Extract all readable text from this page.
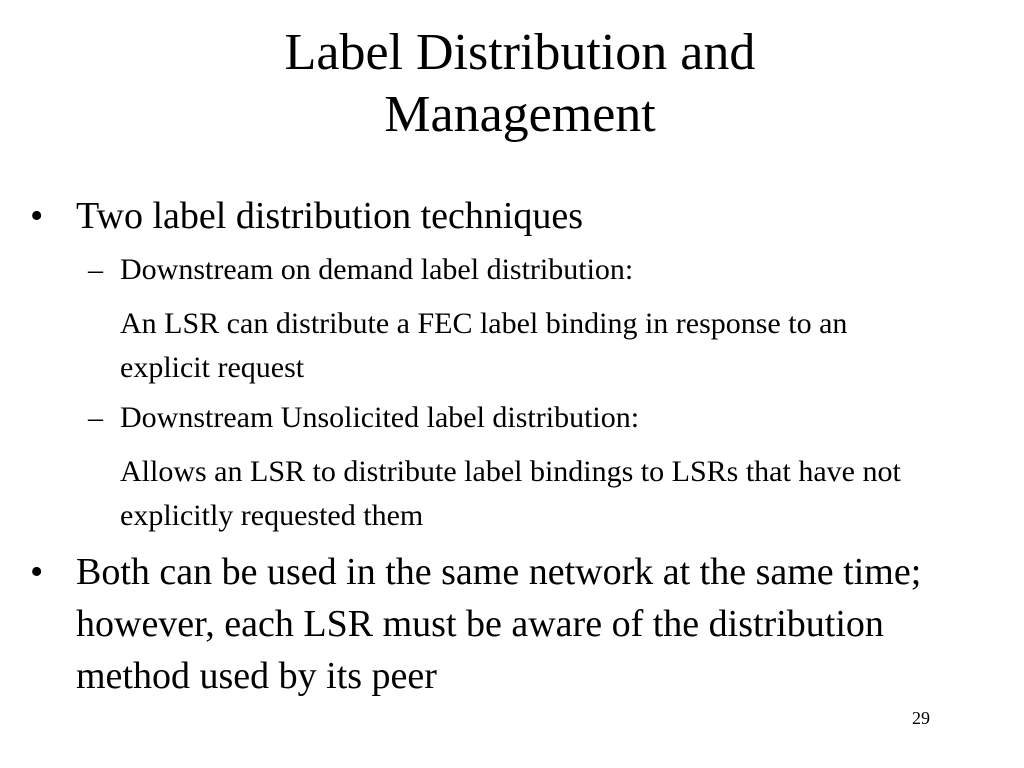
Label Distribution and
Management
• Two label distribution techniques
– Downstream on demand label distribution:
An LSR can distribute a FEC label binding in response to an explicit request
– Downstream Unsolicited label distribution:
Allows an LSR to distribute label bindings to LSRs that have not explicitly requested them
• Both can be used in the same network at the same time; however, each LSR must be aware of the distribution method used by its peer
29
